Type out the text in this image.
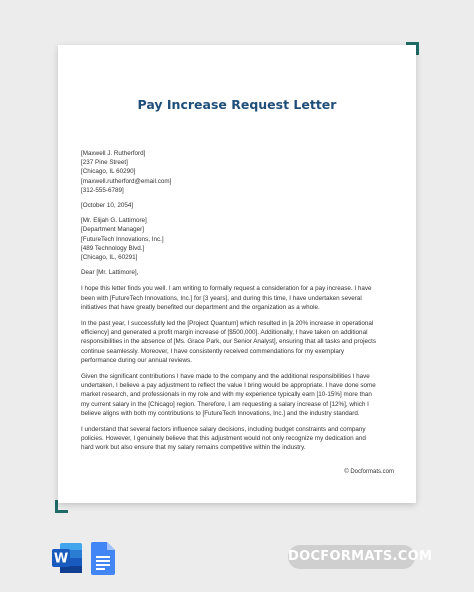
Pay Increase Request Letter
[Maxwell J. Rutherford]
[237 Pine Street]
[Chicago, IL 60290]
[maxwell.rutherford@email.com]
[312-555-6789]
[October 10, 2054]
[Mr. Elijah G. Lattimore]
[Department Manager]
[FutureTech Innovations, Inc.]
[489 Technology Blvd.]
[Chicago, IL, 60291]
Dear [Mr. Lattimore],
I hope this letter finds you well. I am writing to formally request a consideration for a pay increase. I have
been with [FutureTech Innovations, Inc.] for [3 years], and during this time, I have undertaken several
initiatives that have greatly benefited our department and the organization as a whole.
In the past year, I successfully led the [Project Quantum] which resulted in [a 20% increase in operational
efficiency] and generated a profit margin increase of [$500,000]. Additionally, I have taken on additional
responsibilities in the absence of [Ms. Grace Park, our Senior Analyst], ensuring that all tasks and projects
continue seamlessly. Moreover, I have consistently received commendations for my exemplary
performance during our annual reviews.
Given the significant contributions I have made to the company and the additional responsibilities I have
undertaken, I believe a pay adjustment to reflect the value I bring would be appropriate. I have done some
market research, and professionals in my role and with my experience typically earn [10-15%] more than
my current salary in the [Chicago] region. Therefore, I am requesting a salary increase of [12%], which I
believe aligns with both my contributions to [FutureTech Innovations, Inc.] and the industry standard.
I understand that several factors influence salary decisions, including budget constraints and company
policies. However, I genuinely believe that this adjustment would not only recognize my dedication and
hard work but also ensure that my salary remains competitive within the industry.
© Docformats.com
W	DOCFORMATS.COM
